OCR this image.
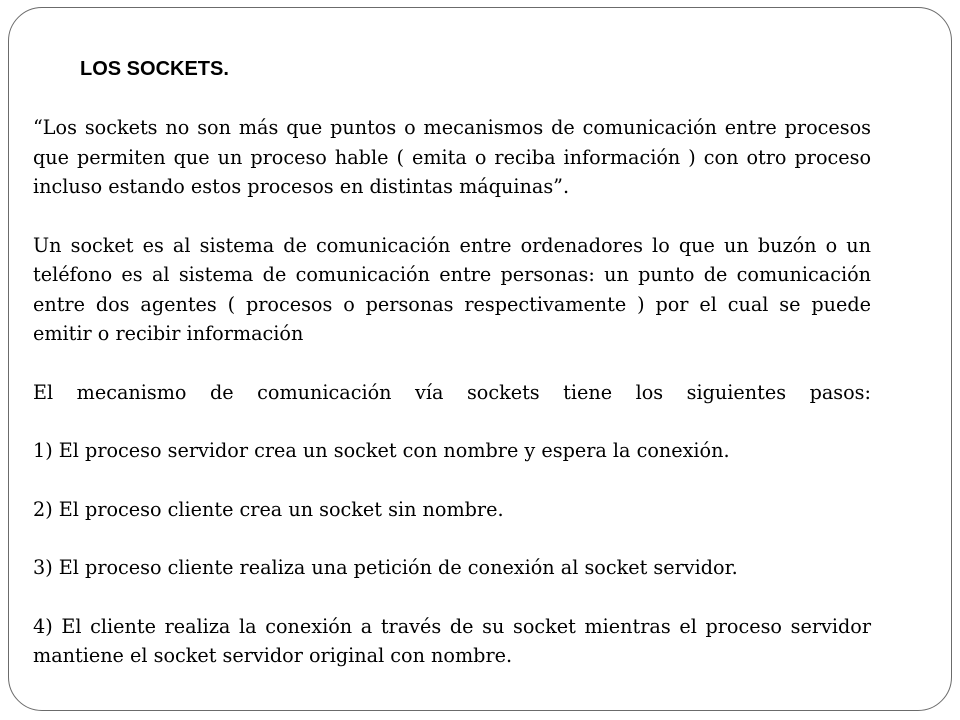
LOS SOCKETS.

“Los sockets no son más que puntos o mecanismos de comunicación entre procesos que permiten que un proceso hable ( emita o reciba información ) con otro proceso incluso estando estos procesos en distintas máquinas”.

Un socket es al sistema de comunicación entre ordenadores lo que un buzón o un teléfono es al sistema de comunicación entre personas: un punto de comunicación entre dos agentes ( procesos o personas respectivamente ) por el cual se puede emitir o recibir información

El mecanismo de comunicación vía sockets tiene los siguientes pasos:

1) El proceso servidor crea un socket con nombre y espera la conexión.

2) El proceso cliente crea un socket sin nombre.

3) El proceso cliente realiza una petición de conexión al socket servidor.

4) El cliente realiza la conexión a través de su socket mientras el proceso servidor mantiene el socket servidor original con nombre.
